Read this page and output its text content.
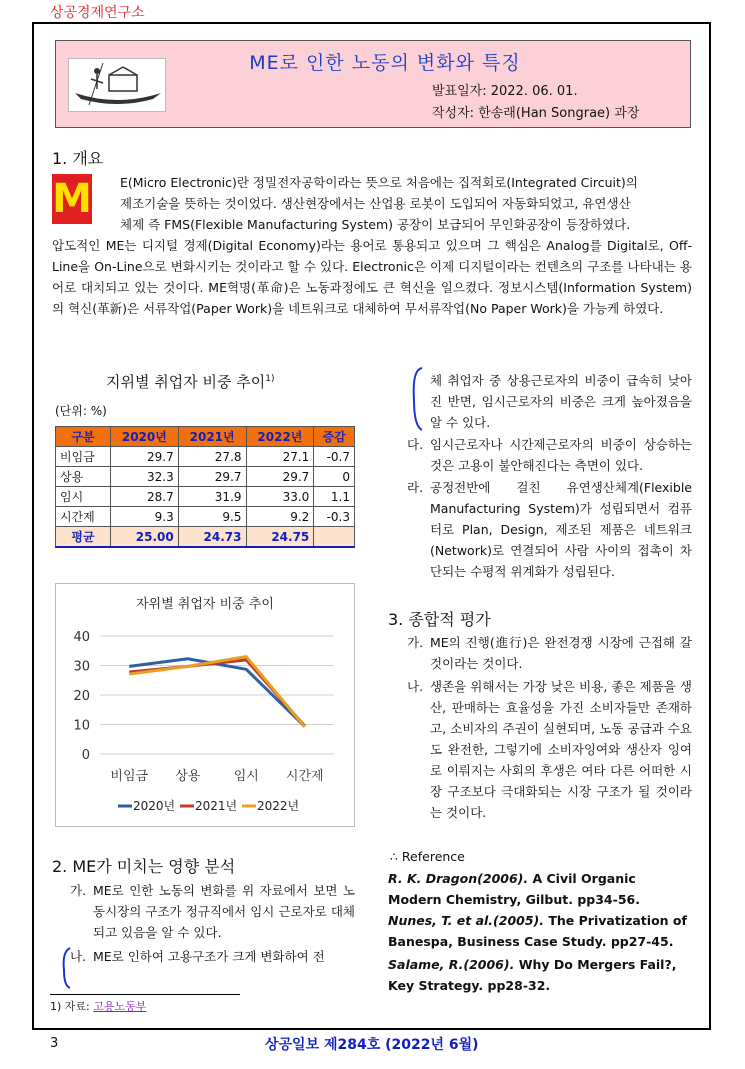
상공경제연구소
ME로 인한 노동의 변화와 특징
발표일자: 2022. 06. 01.
작성자: 한송래(Han Songrae) 과장
1. 개요
M E(Micro Electronic)란 정밀전자공학이라는 뜻으로 처음에는 집적회로(Integrated Circuit)의
제조기술을 뜻하는 것이었다. 생산현장에서는 산업용 로봇이 도입되어 자동화되었고, 유연생산
체제 즉 FMS(Flexible Manufacturing System) 공장이 보급되어 무인화공장이 등장하였다.
압도적인 ME는 디지털 경제(Digital Economy)라는 용어로 통용되고 있으며 그 핵심은 Analog를 Digital로, Off-Line을 On-Line으로 변화시키는 것이라고 할 수 있다. Electronic은 이제 디지털이라는 컨텐츠의 구조를 나타내는 용어로 대치되고 있는 것이다. ME혁명(革命)은 노동과정에도 큰 혁신을 일으켰다. 정보시스템(Information System)의 혁신(革新)은 서류작업(Paper Work)을 네트워크로 대체하여 무서류작업(No Paper Work)을 가능케 하였다.
지위별 취업자 비중 추이$^{1)}$
(단위: %)
구분	2020년	2021년	2022년	증감
비임금	29.7	27.8	27.1	-0.7
상용	32.3	29.7	29.7	0
임시	28.7	31.9	33.0	1.1
시간제	9.3	9.5	9.2	-0.3
평균	25.00	24.73	24.75	
자위별 취업자 비중 추이
0
10
20
30
40
비임금 상용	임시 시간제
2020년 2021년 2022년
체 취업자 중 상용근로자의 비중이 급속히 낮아진 반면, 임시근로자의 비중은 크게 높아졌음을 알 수 있다.
다. 임시근로자나 시간제근로자의 비중이 상승하는 것은 고용이 불안해진다는 측면이 있다.
라. 공정전반에 걸친 유연생산체계(Flexible Manufacturing System)가 성립되면서 컴퓨터로 Plan, Design, 제조된 제품은 네트워크(Network)로 연결되어 사람 사이의 접촉이 차단되는 수평적 위계화가 성립된다.
3. 종합적 평가
가. ME의 진행(進行)은 완전경쟁 시장에 근접해 갈 것이라는 것이다.
나. 생존을 위해서는 가장 낮은 비용, 좋은 제품을 생산, 판매하는 효율성을 가진 소비자들만 존재하고, 소비자의 주권이 실현되며, 노동 공급과 수요도 완전한, 그렇기에 소비자잉여와 생산자 잉여로 이뤄지는 사회의 후생은 여타 다른 어떠한 시장 구조보다 극대화되는 시장 구조가 될 것이라는 것이다.
∴ Reference
R. K. Dragon(2006). A Civil Organic Modern Chemistry, Gilbut. pp34-56.
Nunes, T. et al.(2005). The Privatization of Banespa, Business Case Study. pp27-45.
Salame, R.(2006). Why Do Mergers Fail?, Key Strategy. pp28-32.
2. ME가 미치는 영향 분석
가. ME로 인한 노동의 변화를 위 자료에서 보면 노동시장의 구조가 정규직에서 임시 근로자로 대체되고 있음을 알 수 있다.
나. ME로 인하여 고용구조가 크게 변화하여 전
1) 자료: 고용노동부
3	상공일보 제284호 (2022년 6월)
